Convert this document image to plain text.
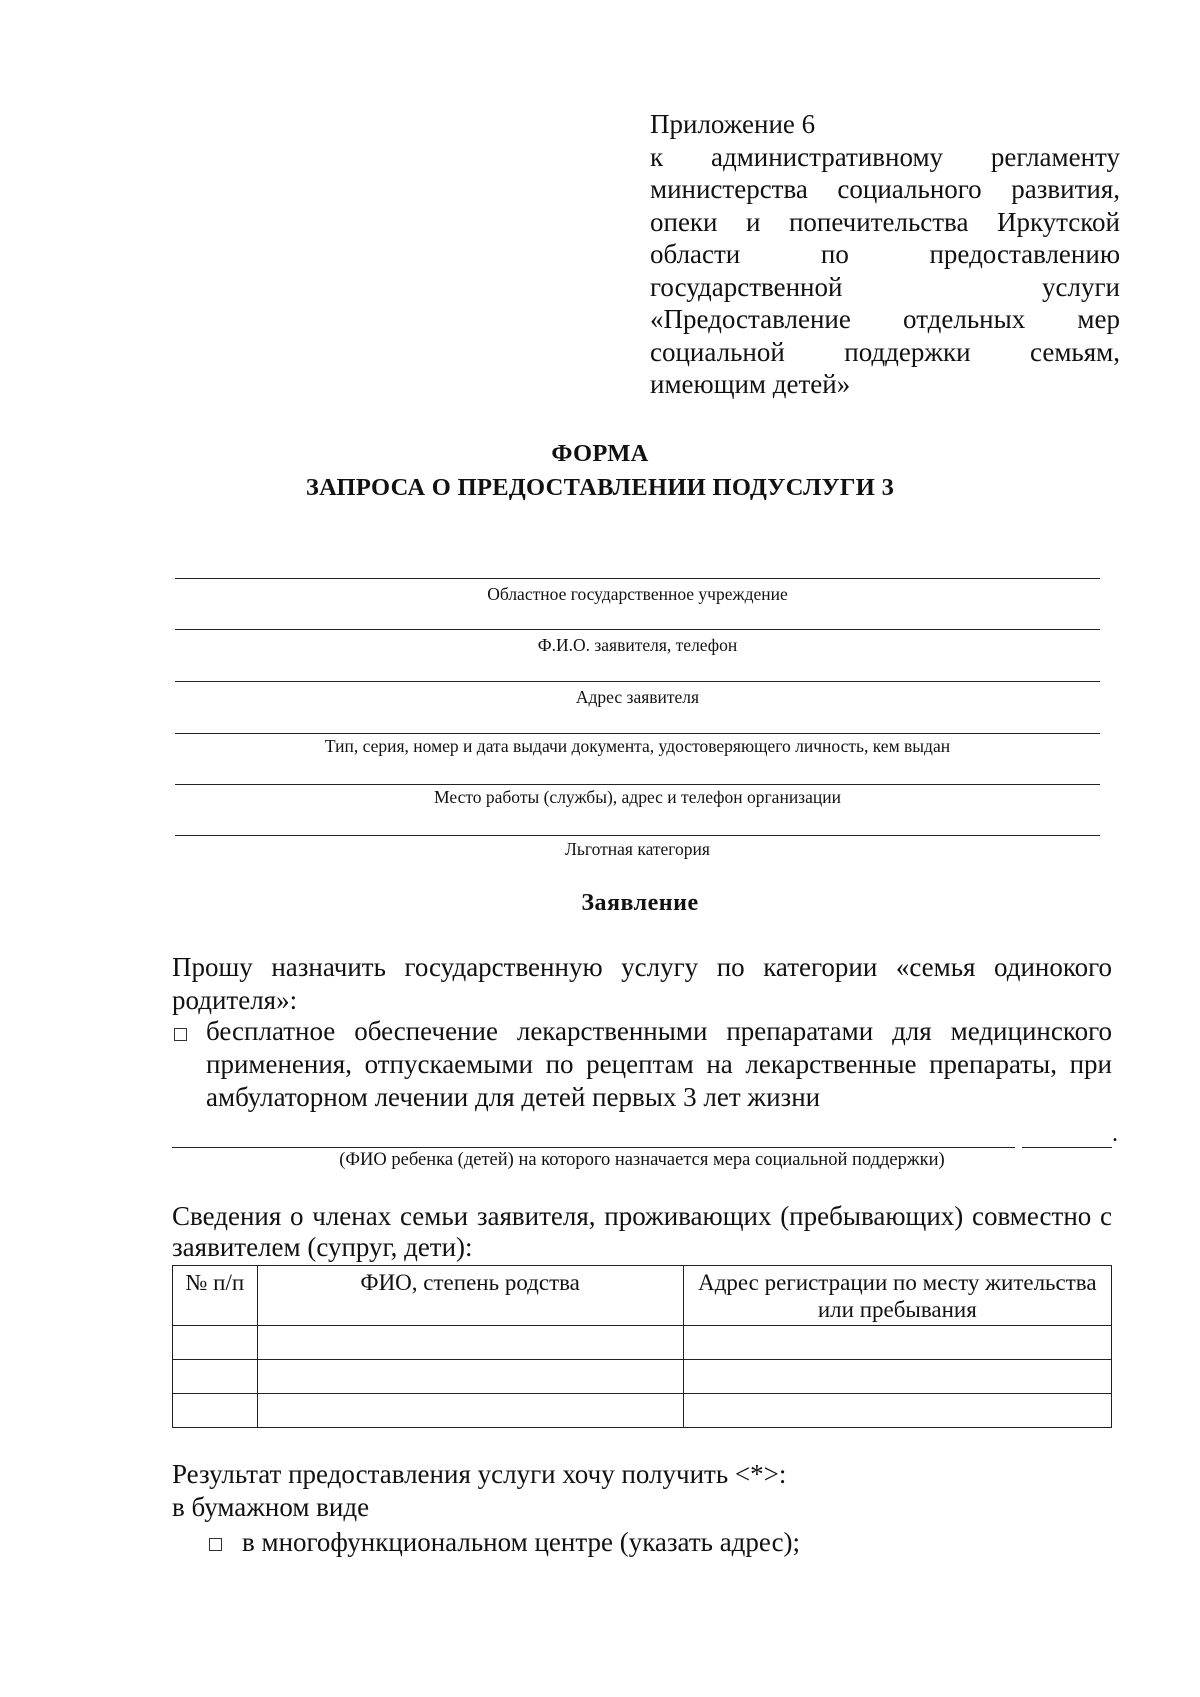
Приложение 6
к административному регламенту министерства социального развития, опеки и попечительства Иркутской области по предоставлению государственной услуги «Предоставление отдельных мер социальной поддержки семьям, имеющим детей»
ФОРМА
ЗАПРОСА О ПРЕДОСТАВЛЕНИИ ПОДУСЛУГИ 3
Областное государственное учреждение
Ф.И.О. заявителя, телефон
Адрес заявителя
Тип, серия, номер и дата выдачи документа, удостоверяющего личность, кем выдан
Место работы (службы), адрес и телефон организации
Льготная категория
Заявление
Прошу назначить государственную услугу по категории «семья одинокого родителя»:
бесплатное обеспечение лекарственными препаратами для медицинского применения, отпускаемыми по рецептам на лекарственные препараты, при амбулаторном лечении для детей первых 3 лет жизни
.
(ФИО ребенка (детей) на которого назначается мера социальной поддержки)
Сведения о членах семьи заявителя, проживающих (пребывающих) совместно с заявителем (супруг, дети):
№ п/п	ФИО, степень родства	Адрес регистрации по месту жительства или пребывания

Результат предоставления услуги хочу получить <*>:
в бумажном виде
в многофункциональном центре (указать адрес);
